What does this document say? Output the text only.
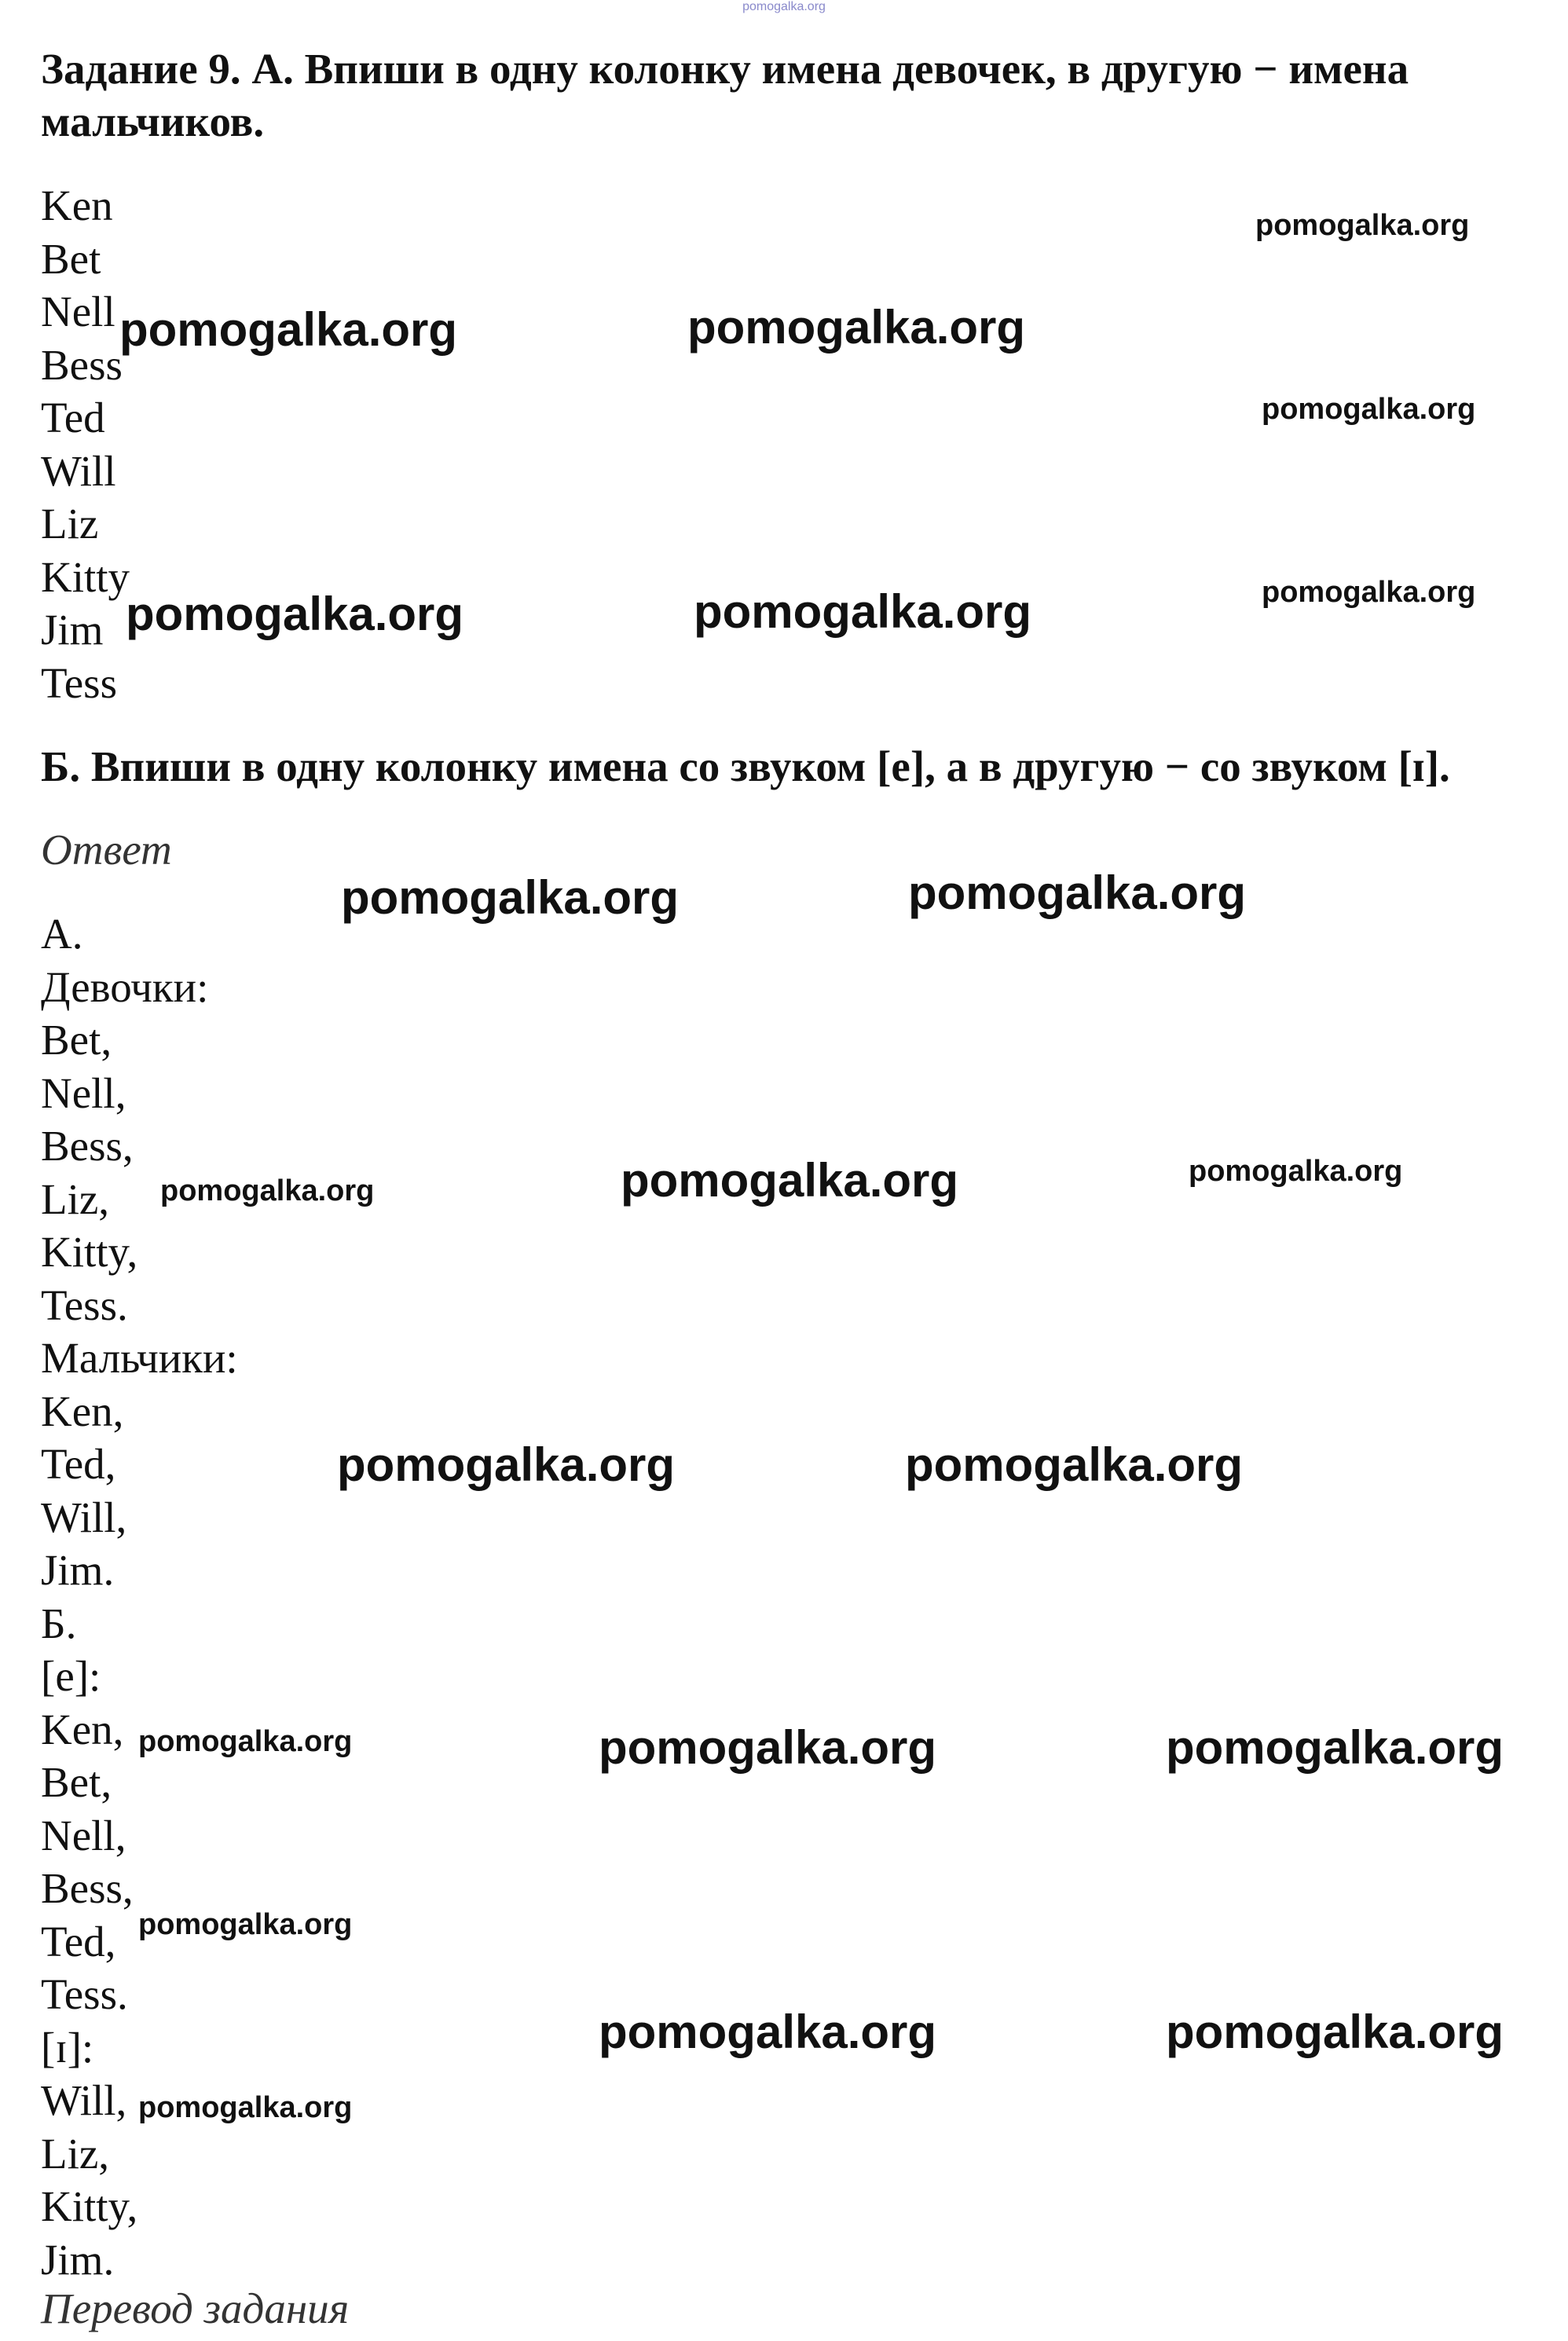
pomogalka.org

Задание 9. А. Впиши в одну колонку имена девочек, в другую − имена мальчиков.

Ken
Bet
Nell
Bess
Ted
Will
Liz
Kitty
Jim
Tess

Б. Впиши в одну колонку имена со звуком [e], а в другую − со звуком [ɪ].

Ответ

А.
Девочки:
Bet,
Nell,
Bess,
Liz,
Kitty,
Tess.
Мальчики:
Ken,
Ted,
Will,
Jim.
Б.
[e]:
Ken,
Bet,
Nell,
Bess,
Ted,
Tess.
[ɪ]:
Will,
Liz,
Kitty,
Jim.

Перевод задания

pomogalka.org
pomogalka.org	pomogalka.org
pomogalka.org
pomogalka.org	pomogalka.org	pomogalka.org
pomogalka.org	pomogalka.org
pomogalka.org	pomogalka.org	pomogalka.org
pomogalka.org	pomogalka.org
pomogalka.org	pomogalka.org	pomogalka.org
pomogalka.org
pomogalka.org	pomogalka.org
pomogalka.org
